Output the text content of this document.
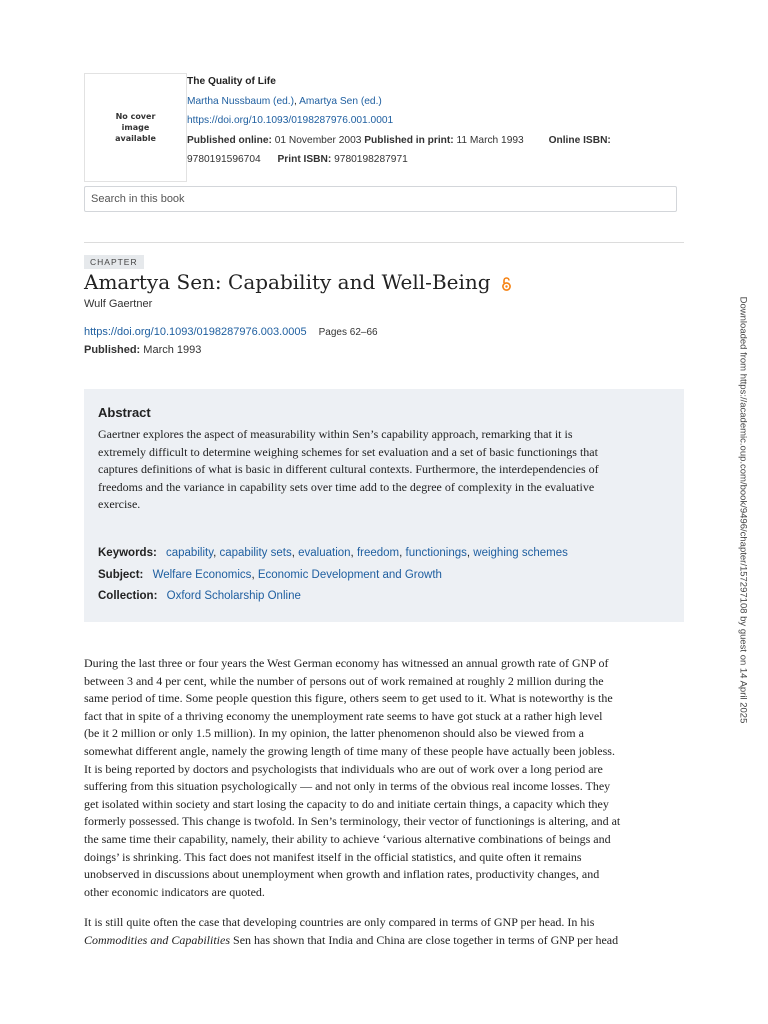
No cover image available
The Quality of Life
Martha Nussbaum (ed.), Amartya Sen (ed.)
https://doi.org/10.1093/0198287976.001.0001
Published online: 01 November 2003 Published in print: 11 March 1993 Online ISBN:
9780191596704 Print ISBN: 9780198287971
Search in this book
CHAPTER
Amartya Sen: Capability and Well-Being
Wulf Gaertner
https://doi.org/10.1093/0198287976.003.0005 Pages 62–66
Published: March 1993
Abstract
Gaertner explores the aspect of measurability within Sen’s capability approach, remarking that it is
extremely difficult to determine weighing schemes for set evaluation and a set of basic functionings that
captures definitions of what is basic in different cultural contexts. Furthermore, the interdependencies of
freedoms and the variance in capability sets over time add to the degree of complexity in the evaluative
exercise.
Keywords: capability, capability sets, evaluation, freedom, functionings, weighing schemes
Subject: Welfare Economics, Economic Development and Growth
Collection: Oxford Scholarship Online
During the last three or four years the West German economy has witnessed an annual growth rate of GNP of
between 3 and 4 per cent, while the number of persons out of work remained at roughly 2 million during the
same period of time. Some people question this figure, others seem to get used to it. What is noteworthy is the
fact that in spite of a thriving economy the unemployment rate seems to have got stuck at a rather high level
(be it 2 million or only 1.5 million). In my opinion, the latter phenomenon should also be viewed from a
somewhat different angle, namely the growing length of time many of these people have actually been jobless.
It is being reported by doctors and psychologists that individuals who are out of work over a long period are
suffering from this situation psychologically — and not only in terms of the obvious real income losses. They
get isolated within society and start losing the capacity to do and initiate certain things, a capacity which they
formerly possessed. This change is twofold. In Sen’s terminology, their vector of functionings is altering, and at
the same time their capability, namely, their ability to achieve ‘various alternative combinations of beings and
doings’ is shrinking. This fact does not manifest itself in the official statistics, and quite often it remains
unobserved in discussions about unemployment when growth and inflation rates, productivity changes, and
other economic indicators are quoted.
It is still quite often the case that developing countries are only compared in terms of GNP per head. In his
Commodities and Capabilities Sen has shown that India and China are close together in terms of GNP per head
Downloaded from https://academic.oup.com/book/9496/chapter/157297108 by guest on 14 April 2025
